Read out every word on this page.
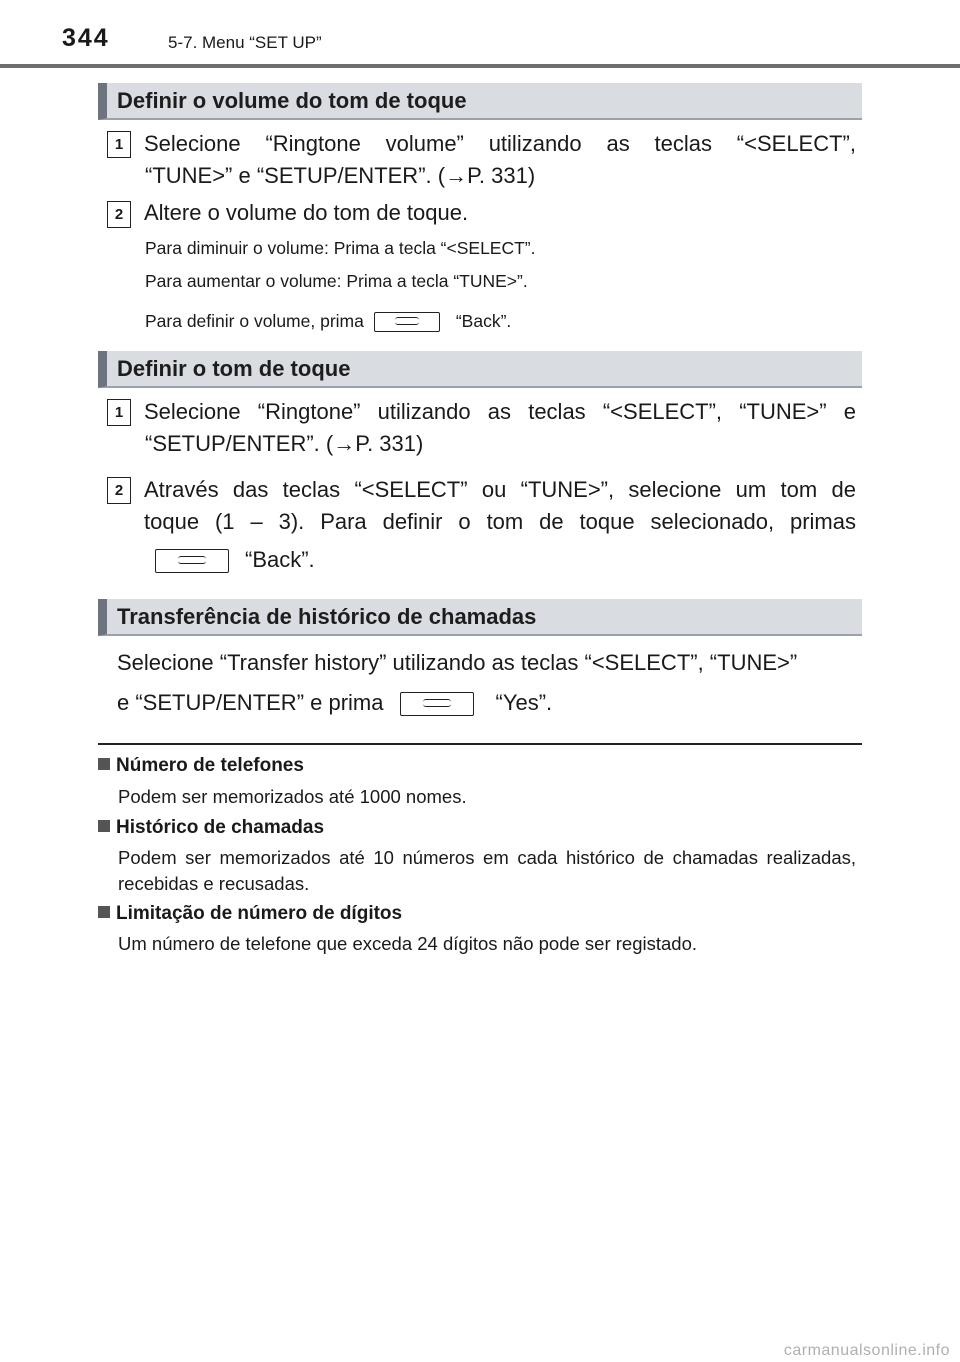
344	5-7. Menu “SET UP”
Definir o volume do tom de toque
1 Selecione “Ringtone volume” utilizando as teclas “<SELECT”,
“TUNE>” e “SETUP/ENTER”. (→P. 331)
2 Altere o volume do tom de toque.
Para diminuir o volume: Prima a tecla “<SELECT”.
Para aumentar o volume: Prima a tecla “TUNE>”.
Para definir o volume, prima	“Back”.
Definir o tom de toque
1 Selecione “Ringtone” utilizando as teclas “<SELECT”, “TUNE>” e
“SETUP/ENTER”. (→P. 331)
2 Através das teclas “<SELECT” ou “TUNE>”, selecione um tom de
toque (1 – 3). Para definir o tom de toque selecionado, primas
“Back”.
Transferência de histórico de chamadas
Selecione “Transfer history” utilizando as teclas “<SELECT”, “TUNE>”
e “SETUP/ENTER” e prima	“Yes”.
Número de telefones
Podem ser memorizados até 1000 nomes.
Histórico de chamadas
Podem ser memorizados até 10 números em cada histórico de chamadas realizadas, recebidas e recusadas.
Limitação de número de dígitos
Um número de telefone que exceda 24 dígitos não pode ser registado.
carmanualsonline.info
